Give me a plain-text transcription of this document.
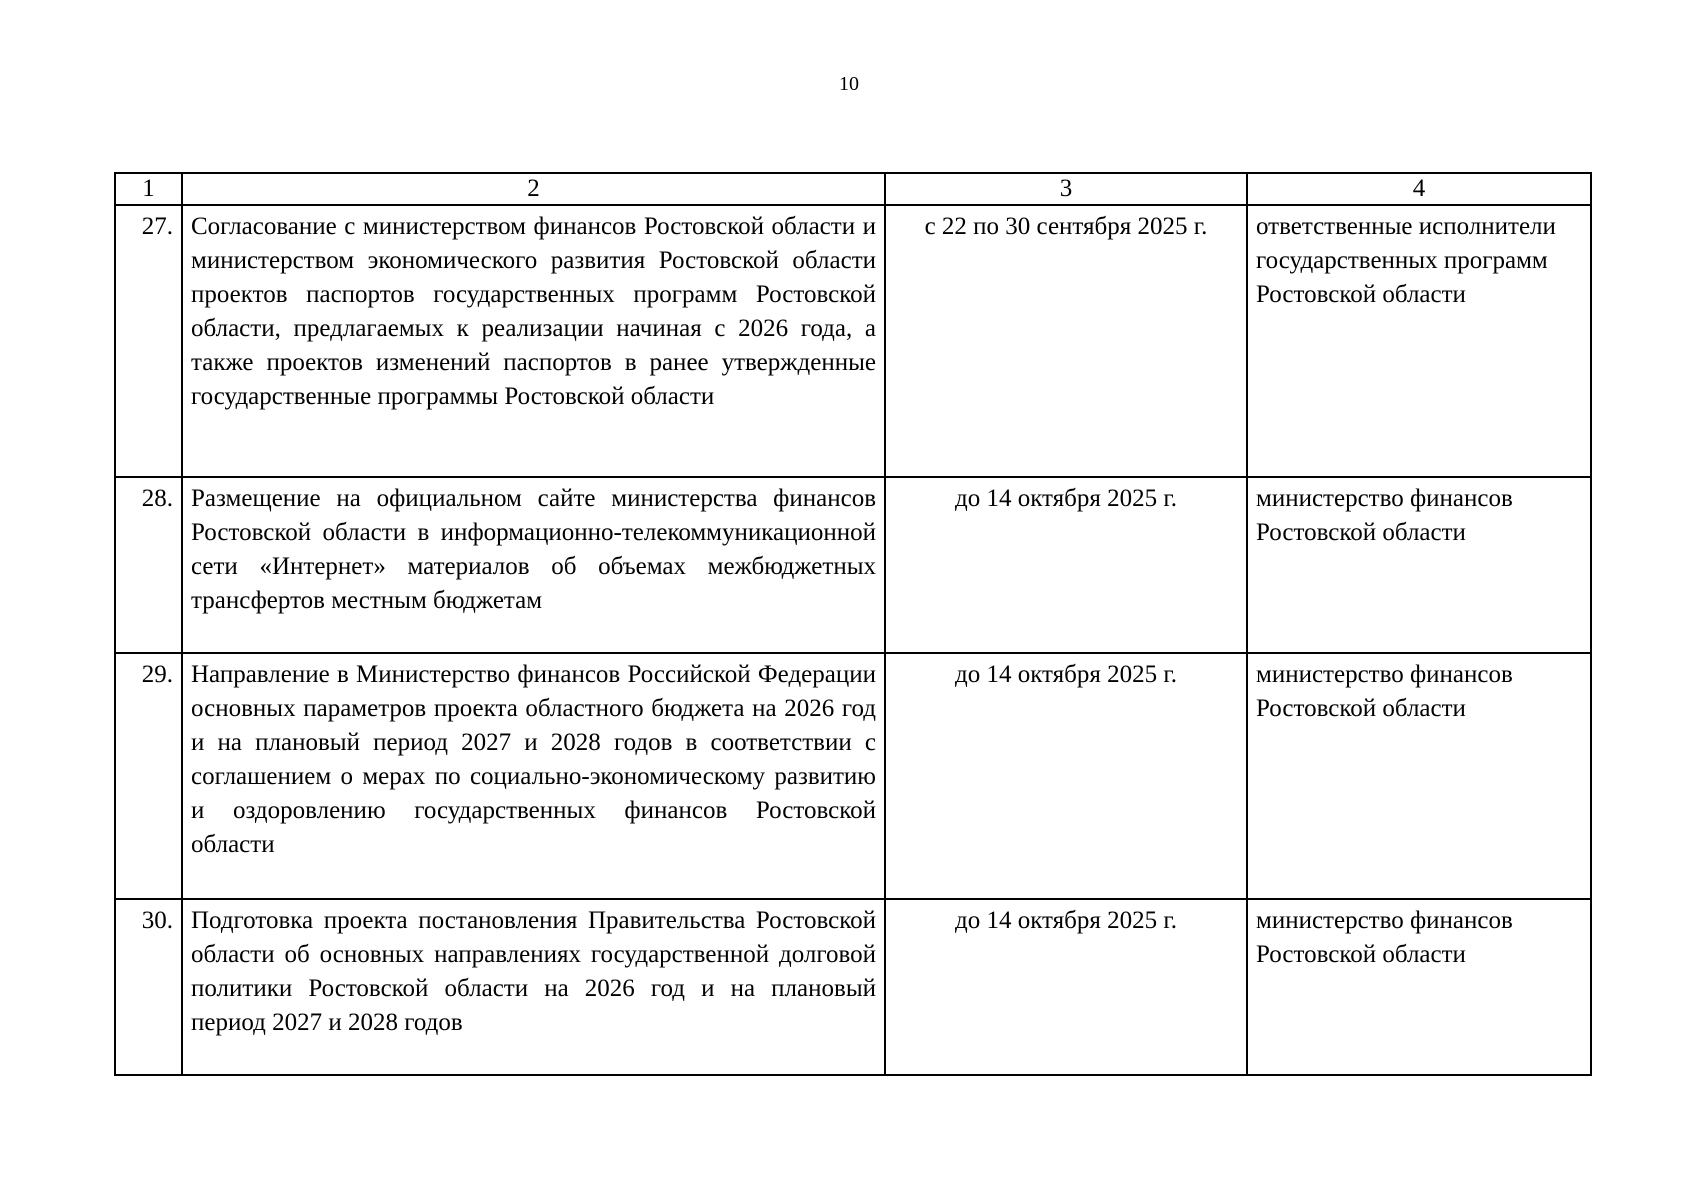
10
1	2	3	4
27.	Согласование с министерством финансов Ростовской области и министерством экономического развития Ростовской области проектов паспортов государственных программ Ростовской области, предлагаемых к реализации начиная с 2026 года, а также проектов изменений паспортов в ранее утвержденные государственные программы Ростовской области	с 22 по 30 сентября 2025 г.	ответственные исполнители государственных программ Ростовской области
28.	Размещение на официальном сайте министерства финансов Ростовской области в информационно-телекоммуникационной сети «Интернет» материалов об объемах межбюджетных трансфертов местным бюджетам	до 14 октября 2025 г.	министерство финансов Ростовской области
29.	Направление в Министерство финансов Российской Федерации основных параметров проекта областного бюджета на 2026 год и на плановый период 2027 и 2028 годов в соответствии с соглашением о мерах по социально-экономическому развитию и оздоровлению государственных финансов Ростовской области	до 14 октября 2025 г.	министерство финансов Ростовской области
30.	Подготовка проекта постановления Правительства Ростовской области об основных направлениях государственной долговой политики Ростовской области на 2026 год и на плановый период 2027 и 2028 годов	до 14 октября 2025 г.	министерство финансов Ростовской области
